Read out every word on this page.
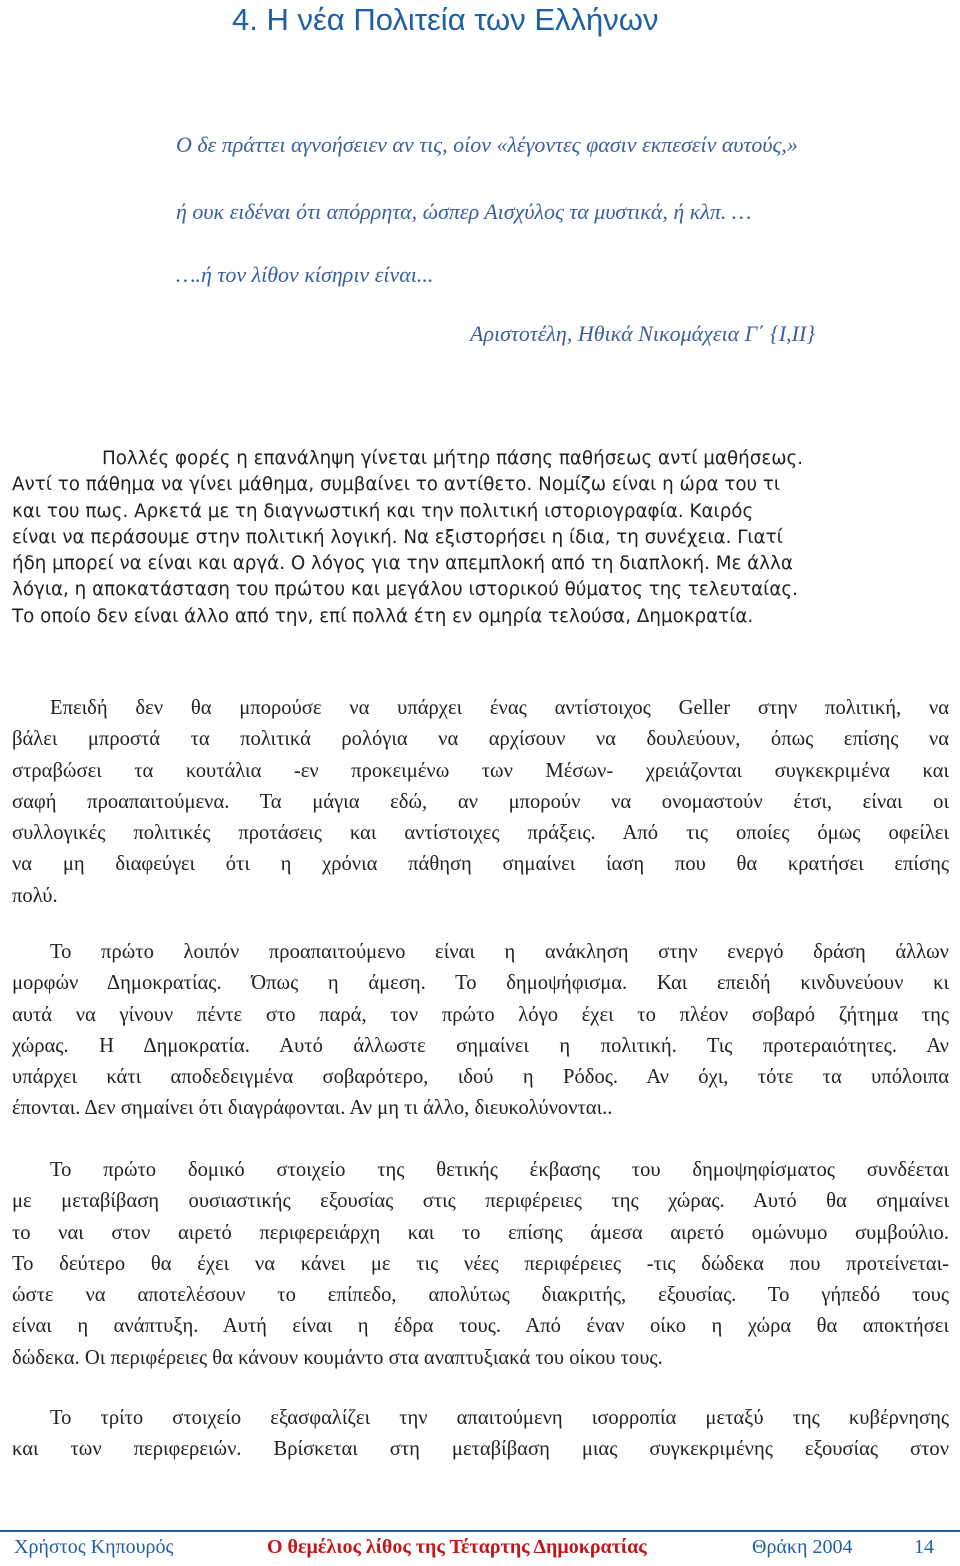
4. Η νέα Πολιτεία των Ελλήνων
Ο δε πράττει αγνοήσειεν αν τις, οίον «λέγοντες φασιν εκπεσείν αυτούς,»
ή ουκ ειδέναι ότι απόρρητα, ώσπερ Αισχύλος τα μυστικά, ή κλπ. …
….ή τον λίθον κίσηριν είναι...
Αριστοτέλη, Ηθικά Νικομάχεια Γ΄ {Ι,ΙΙ}
Πολλές φορές η επανάληψη γίνεται μήτηρ πάσης παθήσεως αντί μαθήσεως.
Αντί το πάθημα να γίνει μάθημα, συμβαίνει το αντίθετο. Νομίζω είναι η ώρα του τι
και του πως. Αρκετά με τη διαγνωστική και την πολιτική ιστοριογραφία. Καιρός
είναι να περάσουμε στην πολιτική λογική. Να εξιστορήσει η ίδια, τη συνέχεια. Γιατί
ήδη μπορεί να είναι και αργά. Ο λόγος για την απεμπλοκή από τη διαπλοκή. Με άλλα
λόγια, η αποκατάσταση του πρώτου και μεγάλου ιστορικού θύματος της τελευταίας.
Το οποίο δεν είναι άλλο από την, επί πολλά έτη εν ομηρία τελούσα, Δημοκρατία.
Επειδή δεν θα μπορούσε να υπάρχει ένας αντίστοιχος Geller στην πολιτική, να
βάλει μπροστά τα πολιτικά ρολόγια να αρχίσουν να δουλεύουν, όπως επίσης να
στραβώσει τα κουτάλια -εν προκειμένω των Μέσων- χρειάζονται συγκεκριμένα και
σαφή προαπαιτούμενα. Τα μάγια εδώ, αν μπορούν να ονομαστούν έτσι, είναι οι
συλλογικές πολιτικές προτάσεις και αντίστοιχες πράξεις. Από τις οποίες όμως οφείλει
να μη διαφεύγει ότι η χρόνια πάθηση σημαίνει ίαση που θα κρατήσει επίσης
πολύ.
Το πρώτο λοιπόν προαπαιτούμενο είναι η ανάκληση στην ενεργό δράση άλλων
μορφών Δημοκρατίας. Όπως η άμεση. Το δημοψήφισμα. Και επειδή κινδυνεύουν κι
αυτά να γίνουν πέντε στο παρά, τον πρώτο λόγο έχει το πλέον σοβαρό ζήτημα της
χώρας. Η Δημοκρατία. Αυτό άλλωστε σημαίνει η πολιτική. Τις προτεραιότητες. Αν
υπάρχει κάτι αποδεδειγμένα σοβαρότερο, ιδού η Ρόδος. Αν όχι, τότε τα υπόλοιπα
έπονται. Δεν σημαίνει ότι διαγράφονται. Αν μη τι άλλο, διευκολύνονται..
Το πρώτο δομικό στοιχείο της θετικής έκβασης του δημοψηφίσματος συνδέεται
με μεταβίβαση ουσιαστικής εξουσίας στις περιφέρειες της χώρας. Αυτό θα σημαίνει
το ναι στον αιρετό περιφερειάρχη και το επίσης άμεσα αιρετό ομώνυμο συμβούλιο.
Το δεύτερο θα έχει να κάνει με τις νέες περιφέρειες -τις δώδεκα που προτείνεται-
ώστε να αποτελέσουν το επίπεδο, απολύτως διακριτής, εξουσίας. Το γήπεδό τους
είναι η ανάπτυξη. Αυτή είναι η έδρα τους. Από έναν οίκο η χώρα θα αποκτήσει
δώδεκα. Οι περιφέρειες θα κάνουν κουμάντο στα αναπτυξιακά του οίκου τους.
Το τρίτο στοιχείο εξασφαλίζει την απαιτούμενη ισορροπία μεταξύ της κυβέρνησης
και των περιφερειών. Βρίσκεται στη μεταβίβαση μιας συγκεκριμένης εξουσίας στον
Χρήστος Κηπουρός	Ο θεμέλιος λίθος της Τέταρτης Δημοκρατίας	Θράκη 2004	14
